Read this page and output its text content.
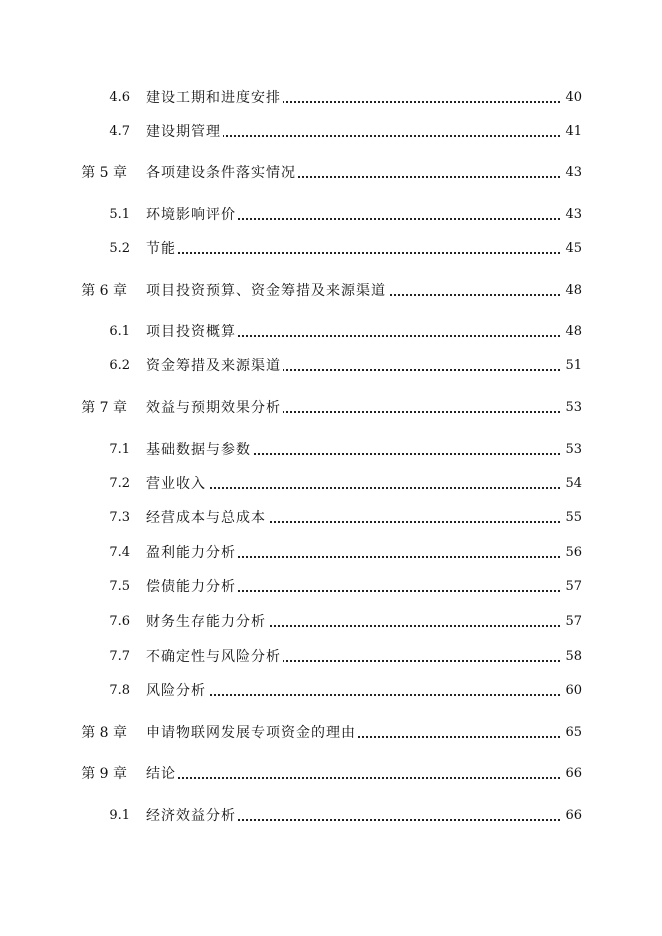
4.6 建设工期和进度安排	40
4.7 建设期管理	41
第 5 章 各项建设条件落实情况	43
5.1 环境影响评价	43
5.2 节能	45
第 6 章 项目投资预算、资金筹措及来源渠道	48
6.1 项目投资概算	48
6.2 资金筹措及来源渠道	51
第 7 章 效益与预期效果分析	53
7.1 基础数据与参数	53
7.2 营业收入	54
7.3 经营成本与总成本	55
7.4 盈利能力分析	56
7.5 偿债能力分析	57
7.6 财务生存能力分析	57
7.7 不确定性与风险分析	58
7.8 风险分析	60
第 8 章 申请物联网发展专项资金的理由	65
第 9 章 结论	66
9.1 经济效益分析	66
